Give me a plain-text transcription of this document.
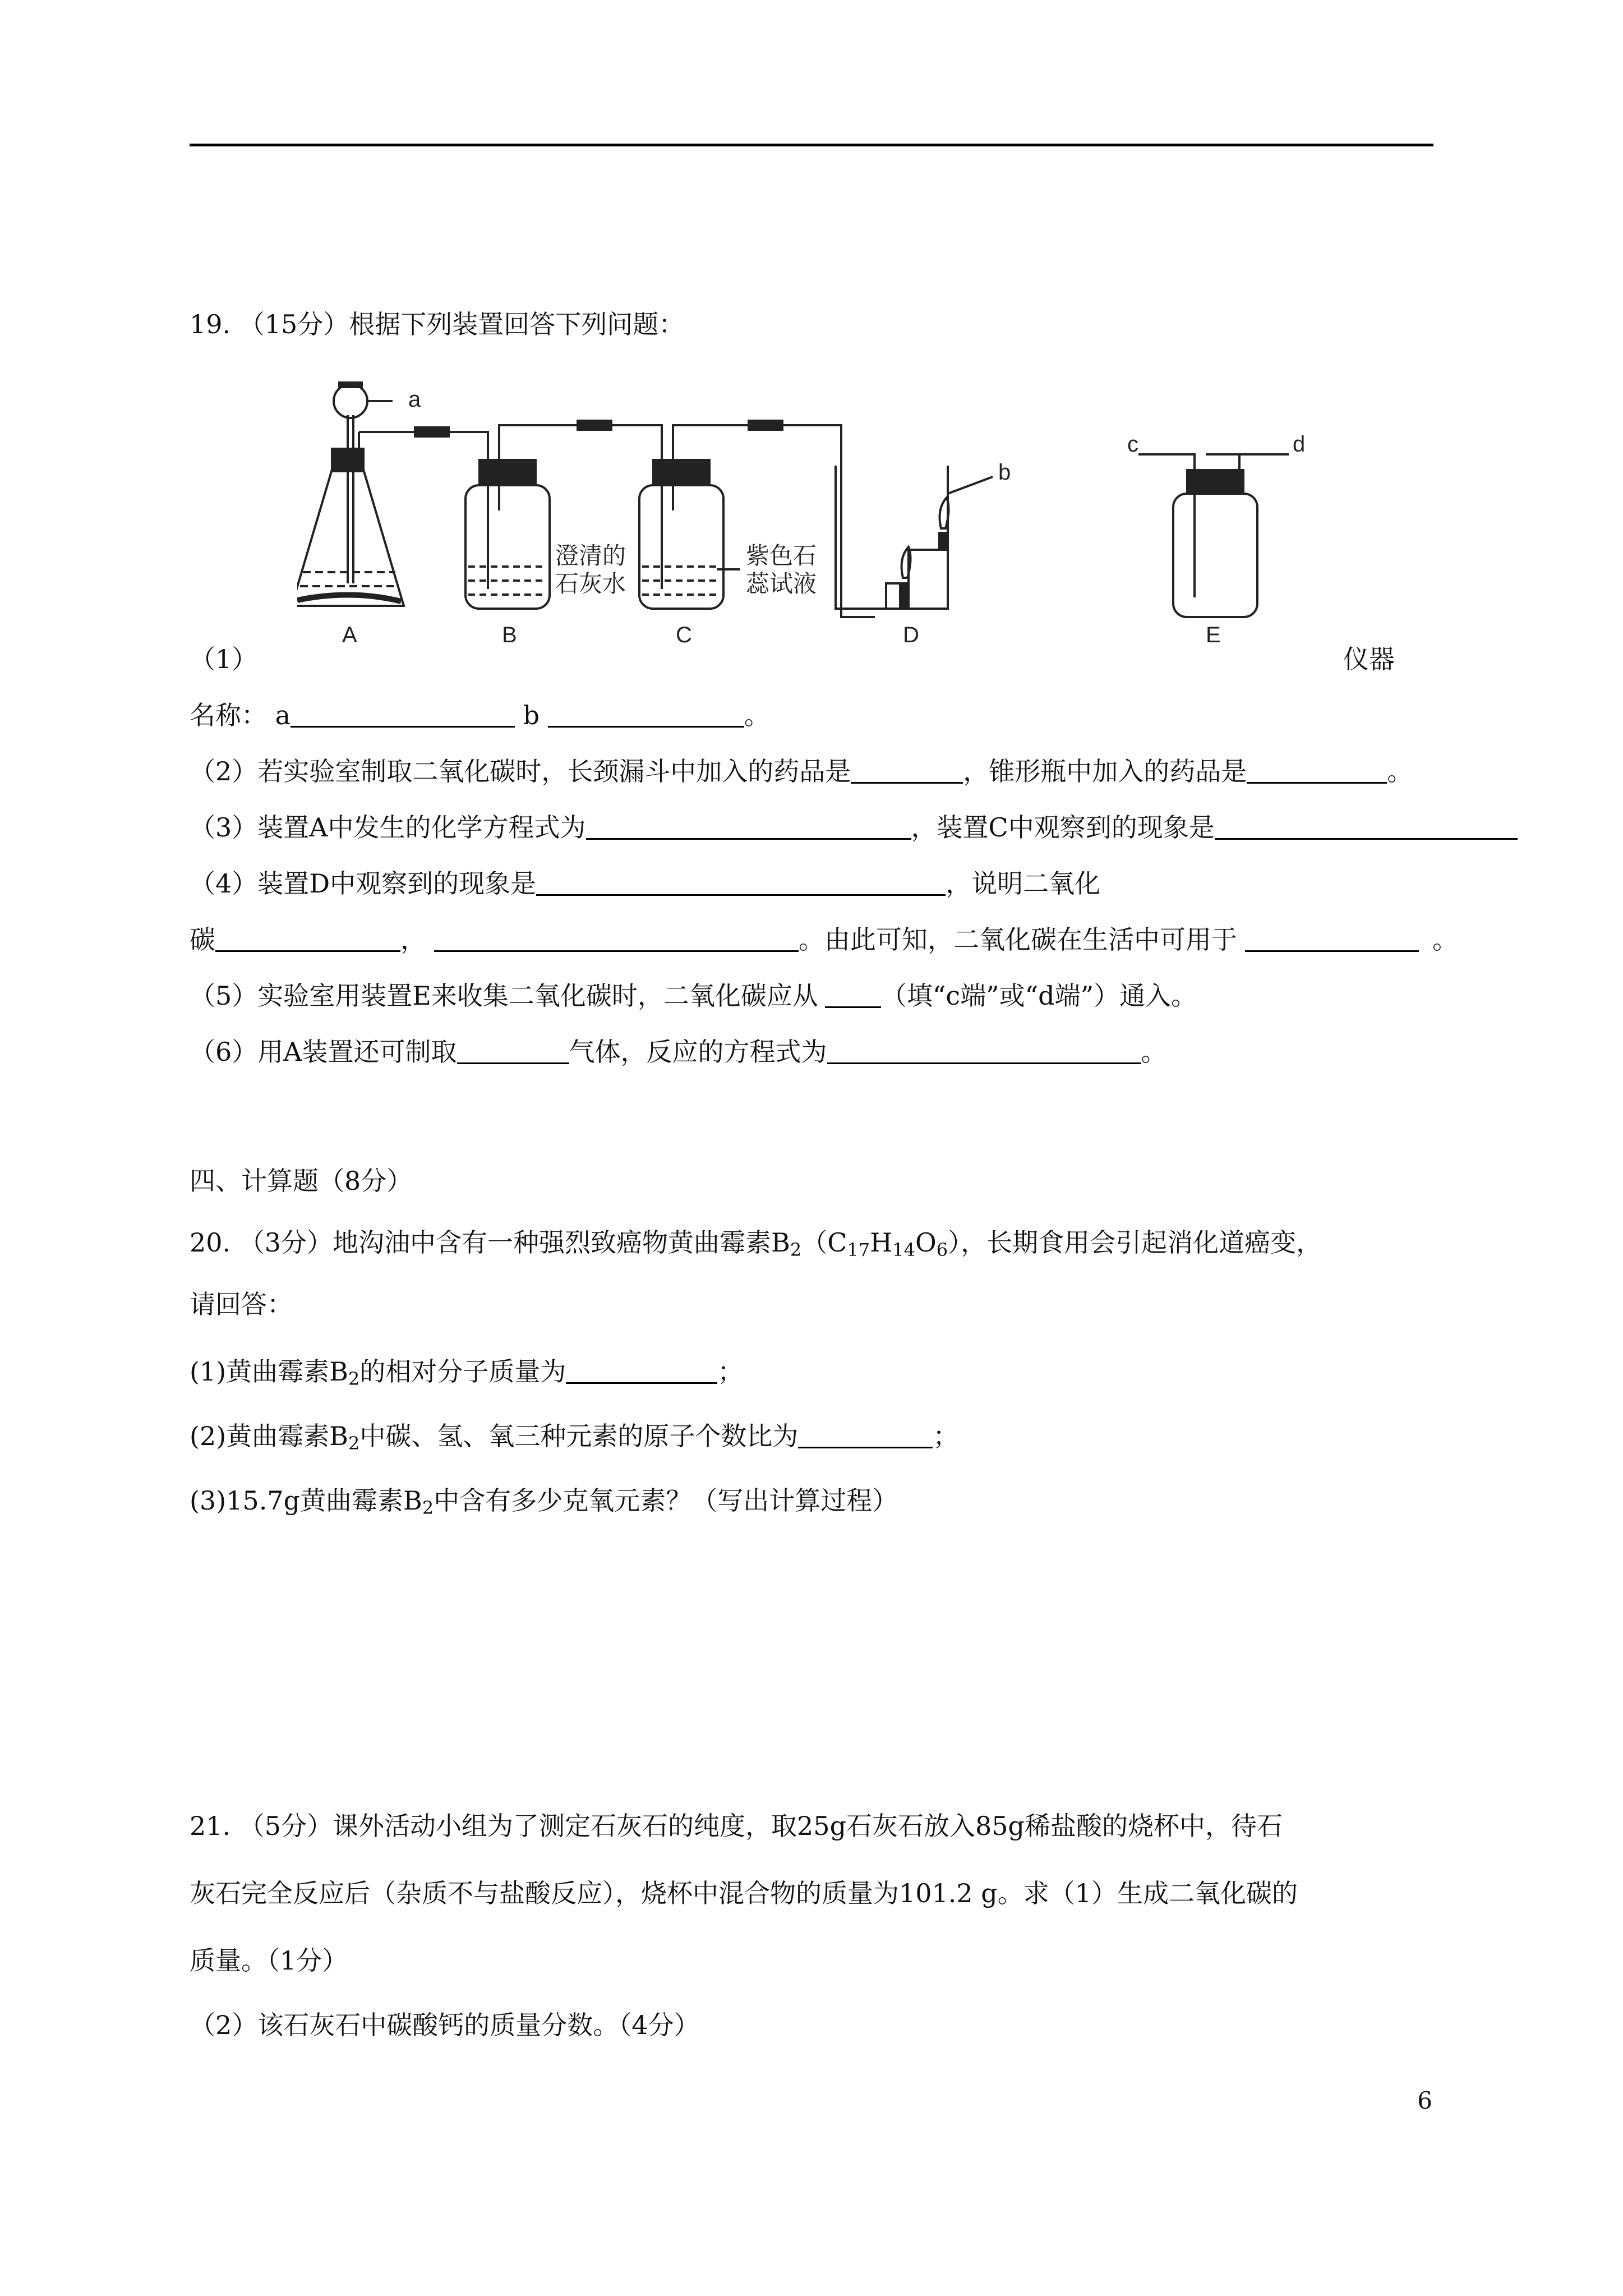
19. （15分）根据下列装置回答下列问题：
a
b
c	d
澄清的
石灰水
紫色石
蕊试液
A	B	C	D	E
（1）	仪器
名称： a	b	。
（2）若实验室制取二氧化碳时，长颈漏斗中加入的药品是	，锥形瓶中加入的药品是	。
（3）装置A中发生的化学方程式为	，装置C中观察到的现象是
（4）装置D中观察到的现象是	，说明二氧化
碳	，	。由此可知，二氧化碳在生活中可用于	。
（5）实验室用装置E来收集二氧化碳时，二氧化碳应从 （填“c端”或“d端”）通入。
（6）用A装置还可制取	气体，反应的方程式为	。
四、计算题（8分）
20. （3分）地沟油中含有一种强烈致癌物黄曲霉素B2（C17H14O6），长期食用会引起消化道癌变，
请回答：
(1)黄曲霉素B2的相对分子质量为	；
(2)黄曲霉素B2中碳、氢、氧三种元素的原子个数比为	；
(3)15.7g黄曲霉素B2中含有多少克氧元素？（写出计算过程）
21. （5分）课外活动小组为了测定石灰石的纯度，取25g石灰石放入85g稀盐酸的烧杯中，待石
灰石完全反应后（杂质不与盐酸反应），烧杯中混合物的质量为101.2 g。求（1）生成二氧化碳的
质量。（1分）
（2）该石灰石中碳酸钙的质量分数。（4分）
6
